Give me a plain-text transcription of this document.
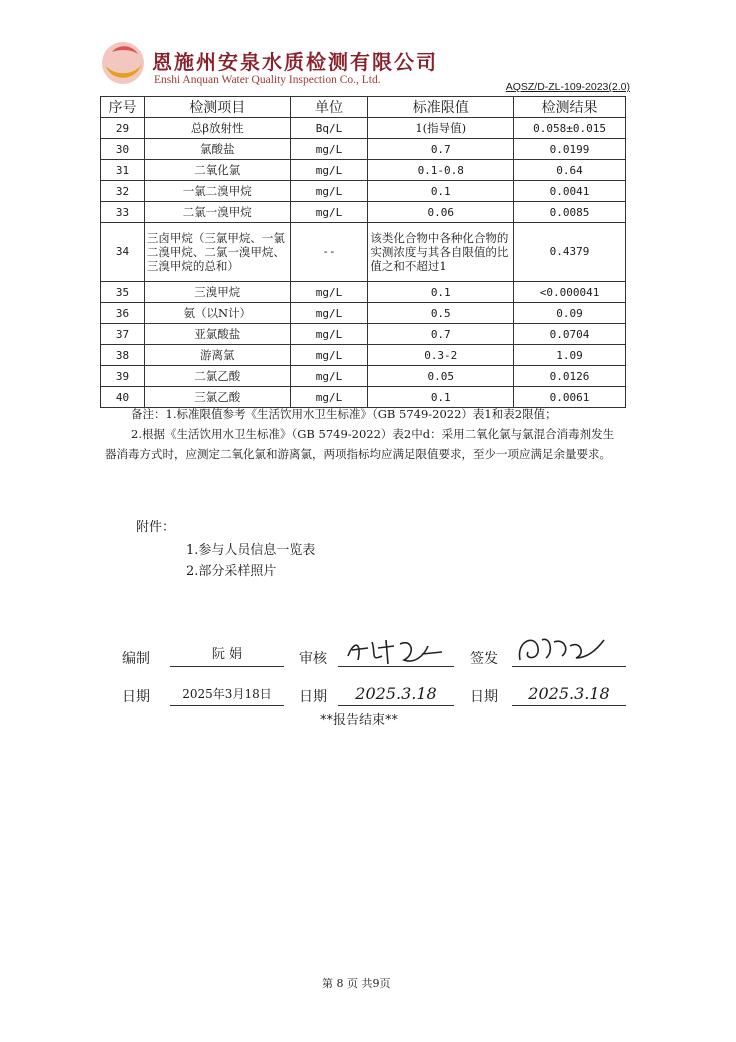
恩施州安泉水质检测有限公司
Enshi Anquan Water Quality Inspection Co., Ltd.
AQSZ/D-ZL-109-2023(2.0)
序号	检测项目	单位	标准限值	检测结果
29	总β放射性	Bq/L	1(指导值)	0.058±0.015
30	氯酸盐	mg/L	0.7	0.0199
31	二氧化氯	mg/L	0.1-0.8	0.64
32	一氯二溴甲烷	mg/L	0.1	0.0041
33	二氯一溴甲烷	mg/L	0.06	0.0085
34	三卤甲烷（三氯甲烷、一氯二溴甲烷、二氯一溴甲烷、三溴甲烷的总和）	--	该类化合物中各种化合物的实测浓度与其各自限值的比值之和不超过1	0.4379
35	三溴甲烷	mg/L	0.1	<0.000041
36	氨（以N计）	mg/L	0.5	0.09
37	亚氯酸盐	mg/L	0.7	0.0704
38	游离氯	mg/L	0.3-2	1.09
39	二氯乙酸	mg/L	0.05	0.0126
40	三氯乙酸	mg/L	0.1	0.0061
备注：1.标准限值参考《生活饮用水卫生标准》（GB 5749-2022）表1和表2限值；
2.根据《生活饮用水卫生标准》（GB 5749-2022）表2中d：采用二氧化氯与氯混合消毒剂发生器消毒方式时，应测定二氧化氯和游离氯，两项指标均应满足限值要求，至少一项应满足余量要求。
附件：
1.参与人员信息一览表
2.部分采样照片
编制	阮 娟	审核	签发
日期	2025年3月18日	日期	2025.3.18	日期	2025.3.18
**报告结束**
第 8 页 共9页
